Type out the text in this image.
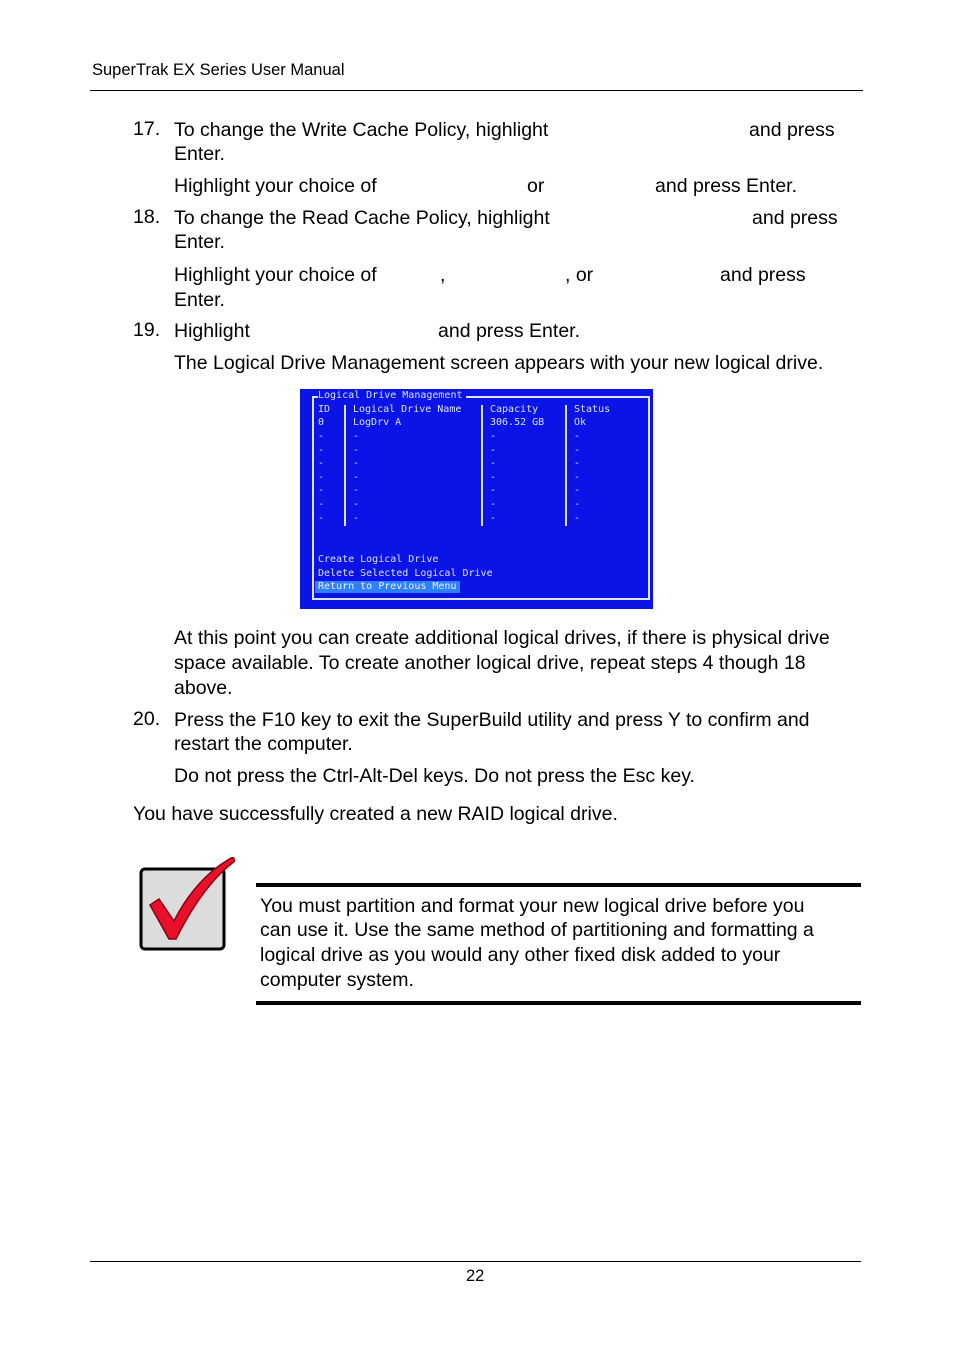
SuperTrak EX Series User Manual
17. To change the Write Cache Policy, highlight	and press
Enter.
Highlight your choice of	or	and press Enter.
18. To change the Read Cache Policy, highlight	and press
Enter.
Highlight your choice of	,	, or	and press
Enter.
19. Highlight	and press Enter.
The Logical Drive Management screen appears with your new logical drive.
Logical Drive Management
ID Logical Drive Name	Capacity	Status
0	LogDrv A	306.52 GB	Ok
-	-	-	-
-	-	-	-
-	-	-	-
-	-	-	-
-	-	-	-
-	-	-	-
-	-	-	-
Create Logical Drive
Delete Selected Logical Drive
Return to Previous Menu
At this point you can create additional logical drives, if there is physical drive
space available. To create another logical drive, repeat steps 4 though 18
above.
20. Press the F10 key to exit the SuperBuild utility and press Y to confirm and
restart the computer.
Do not press the Ctrl-Alt-Del keys. Do not press the Esc key.
You have successfully created a new RAID logical drive.
You must partition and format your new logical drive before you
can use it. Use the same method of partitioning and formatting a
logical drive as you would any other fixed disk added to your
computer system.
22
